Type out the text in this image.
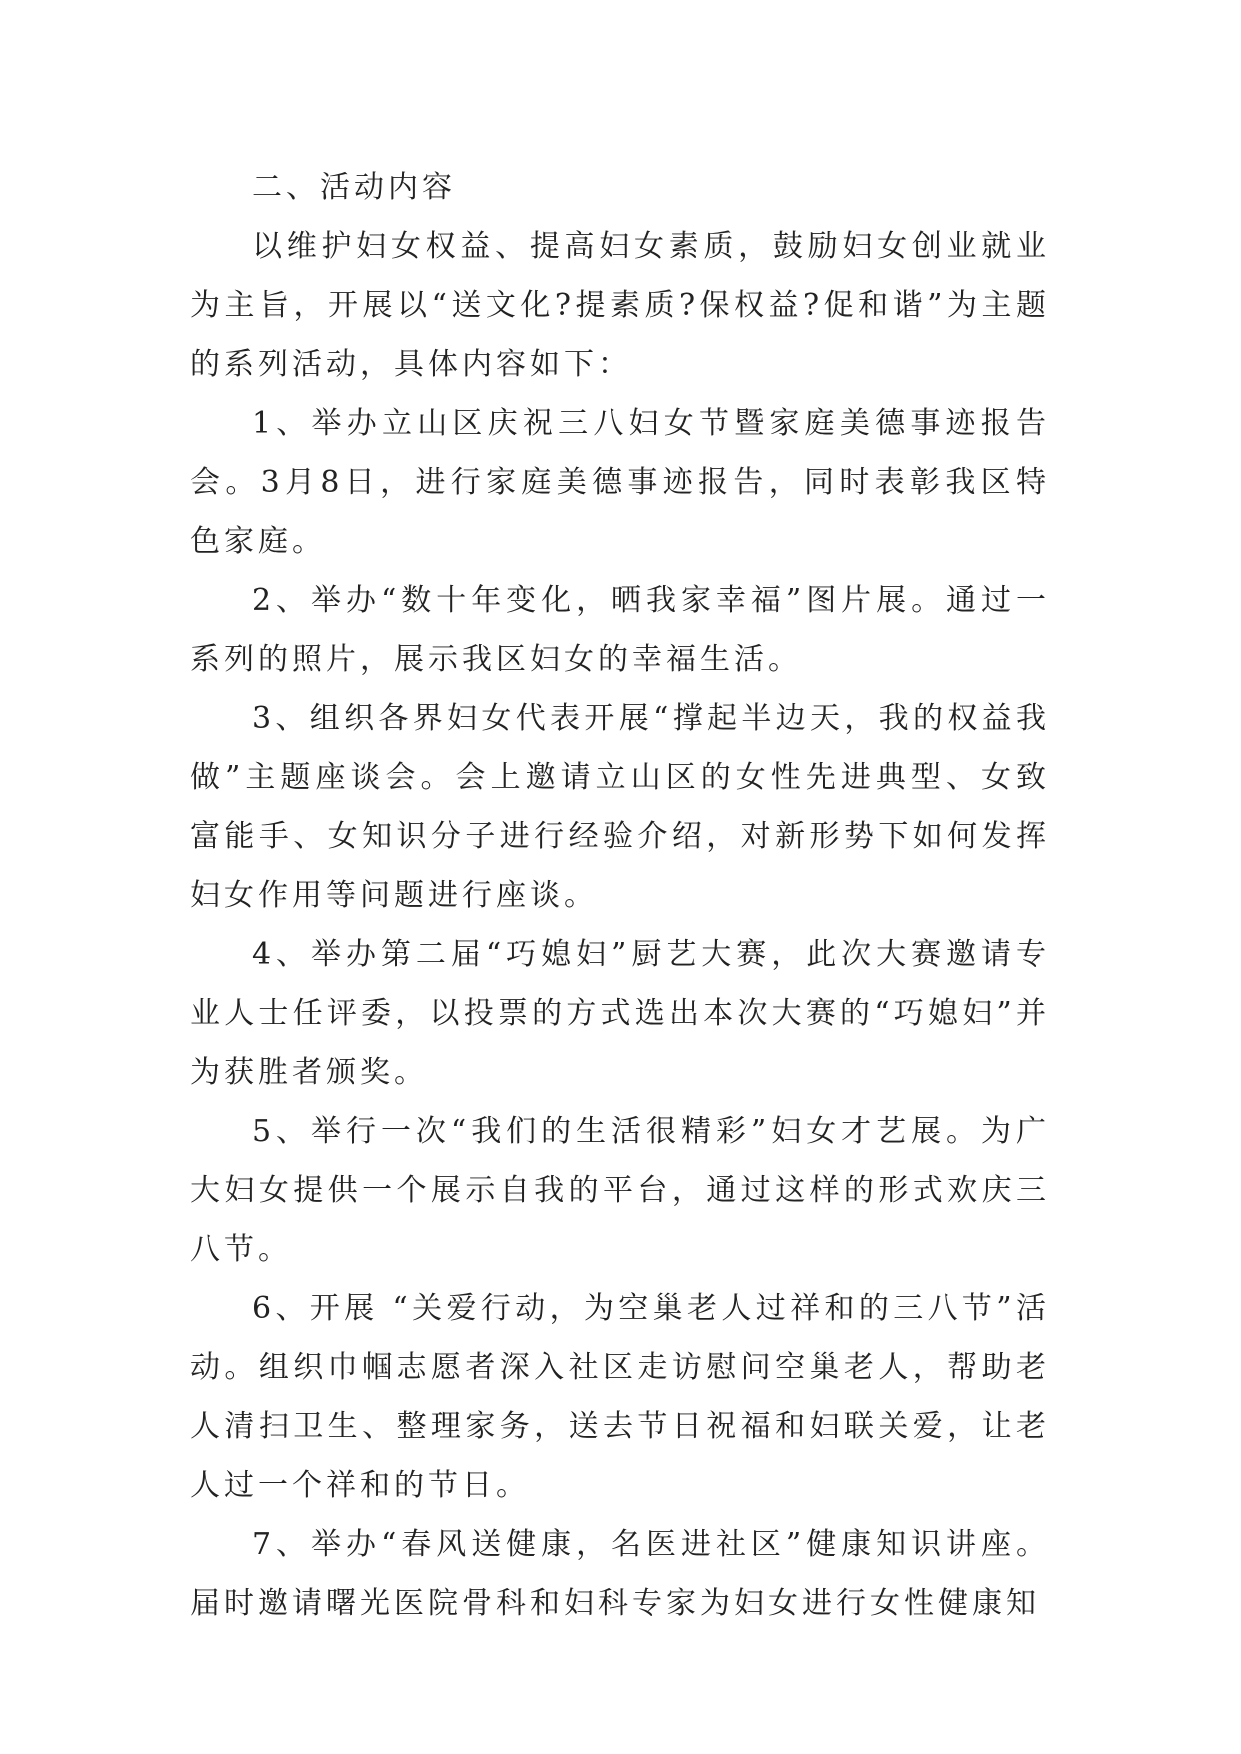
二、活动内容

以维护妇女权益、提高妇女素质，鼓励妇女创业就业为主旨，开展以“送文化?提素质?保权益?促和谐”为主题的系列活动，具体内容如下：

1、举办立山区庆祝三八妇女节暨家庭美德事迹报告会。3月8日，进行家庭美德事迹报告，同时表彰我区特色家庭。

2、举办“数十年变化，晒我家幸福”图片展。通过一系列的照片，展示我区妇女的幸福生活。

3、组织各界妇女代表开展“撑起半边天，我的权益我做”主题座谈会。会上邀请立山区的女性先进典型、女致富能手、女知识分子进行经验介绍，对新形势下如何发挥妇女作用等问题进行座谈。

4、举办第二届“巧媳妇”厨艺大赛，此次大赛邀请专业人士任评委，以投票的方式选出本次大赛的“巧媳妇”并为获胜者颁奖。

5、举行一次“我们的生活很精彩”妇女才艺展。为广大妇女提供一个展示自我的平台，通过这样的形式欢庆三八节。

6、开展 “关爱行动，为空巢老人过祥和的三八节”活动。组织巾帼志愿者深入社区走访慰问空巢老人，帮助老人清扫卫生、整理家务，送去节日祝福和妇联关爱，让老人过一个祥和的节日。

7、举办“春风送健康，名医进社区”健康知识讲座。届时邀请曙光医院骨科和妇科专家为妇女进行女性健康知
